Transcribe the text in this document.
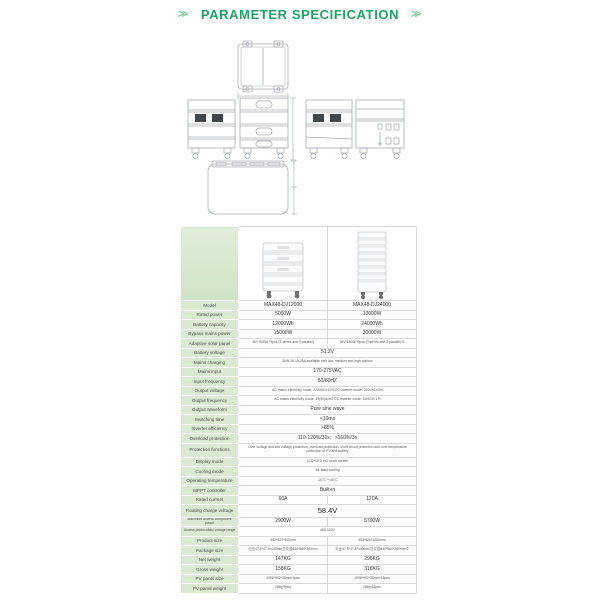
≫ PARAMETER SPECIFICATION ≫

Model	MAX48-DJ12000	MAX48-DJ24000
Rated power	5000W	10000W
Battery capacity	12000Wh	24000Wh
Bypass mains power	15000W	30000W
Adaptive solar panel	36V 550W *9pcs (3 series and 3 parallel)	36V 550W *9pcs (3 series and 3 parallel)*2
Battery voltage	51.2V	
Mains charging	5kW 16-15-25A available with low, medium and high options	
Mains input	170-275VAC	
Input frequency	50/60HZ	
Output voltage	AC mains electricity mode: 220VAC±10% DC inverter mode: 220VAC±3%	
Output frequency	AC mains electricity mode: 49(50)60HZ DC inverter mode: 50HZ±0.1%	
Output waveform	Pure sine wave	
Switching time	<10ms	
Inverter efficiency	>85%	
Overload protection	110-120%/30s；>160%/3s	
Protection functions	Over voltage and low voltage protection, overload protection, short circuit protection and over temperature protection of PV and battery	
Display mode	LCD+LED HD touch screen	
Cooling mode	Air-blast cooling	
Operating temperature	-20°C~+45°C	
MPPT controller	Built-in	
Rated current	60A	120A
Floating charge voltage	58.4V	
Maximum access component power	2900W	5700W
Access photovoltaic voltage range	48V-100V	
Product size	592*520*500mm	592*520*1260mm
Package size	电池47.5*47.8*440mm逆变器630*560*280mm	电池47.5*47.8*440mm/逆变器630*560*280mm*2
Net weight	147KG	296KG
Gross weight	158KG	318KG
PV panel size	1956*992*35mm*9pcs	1956*992*35mm*18pcs
PV panel weight	28kg*9pcs	28kg*18pcs
